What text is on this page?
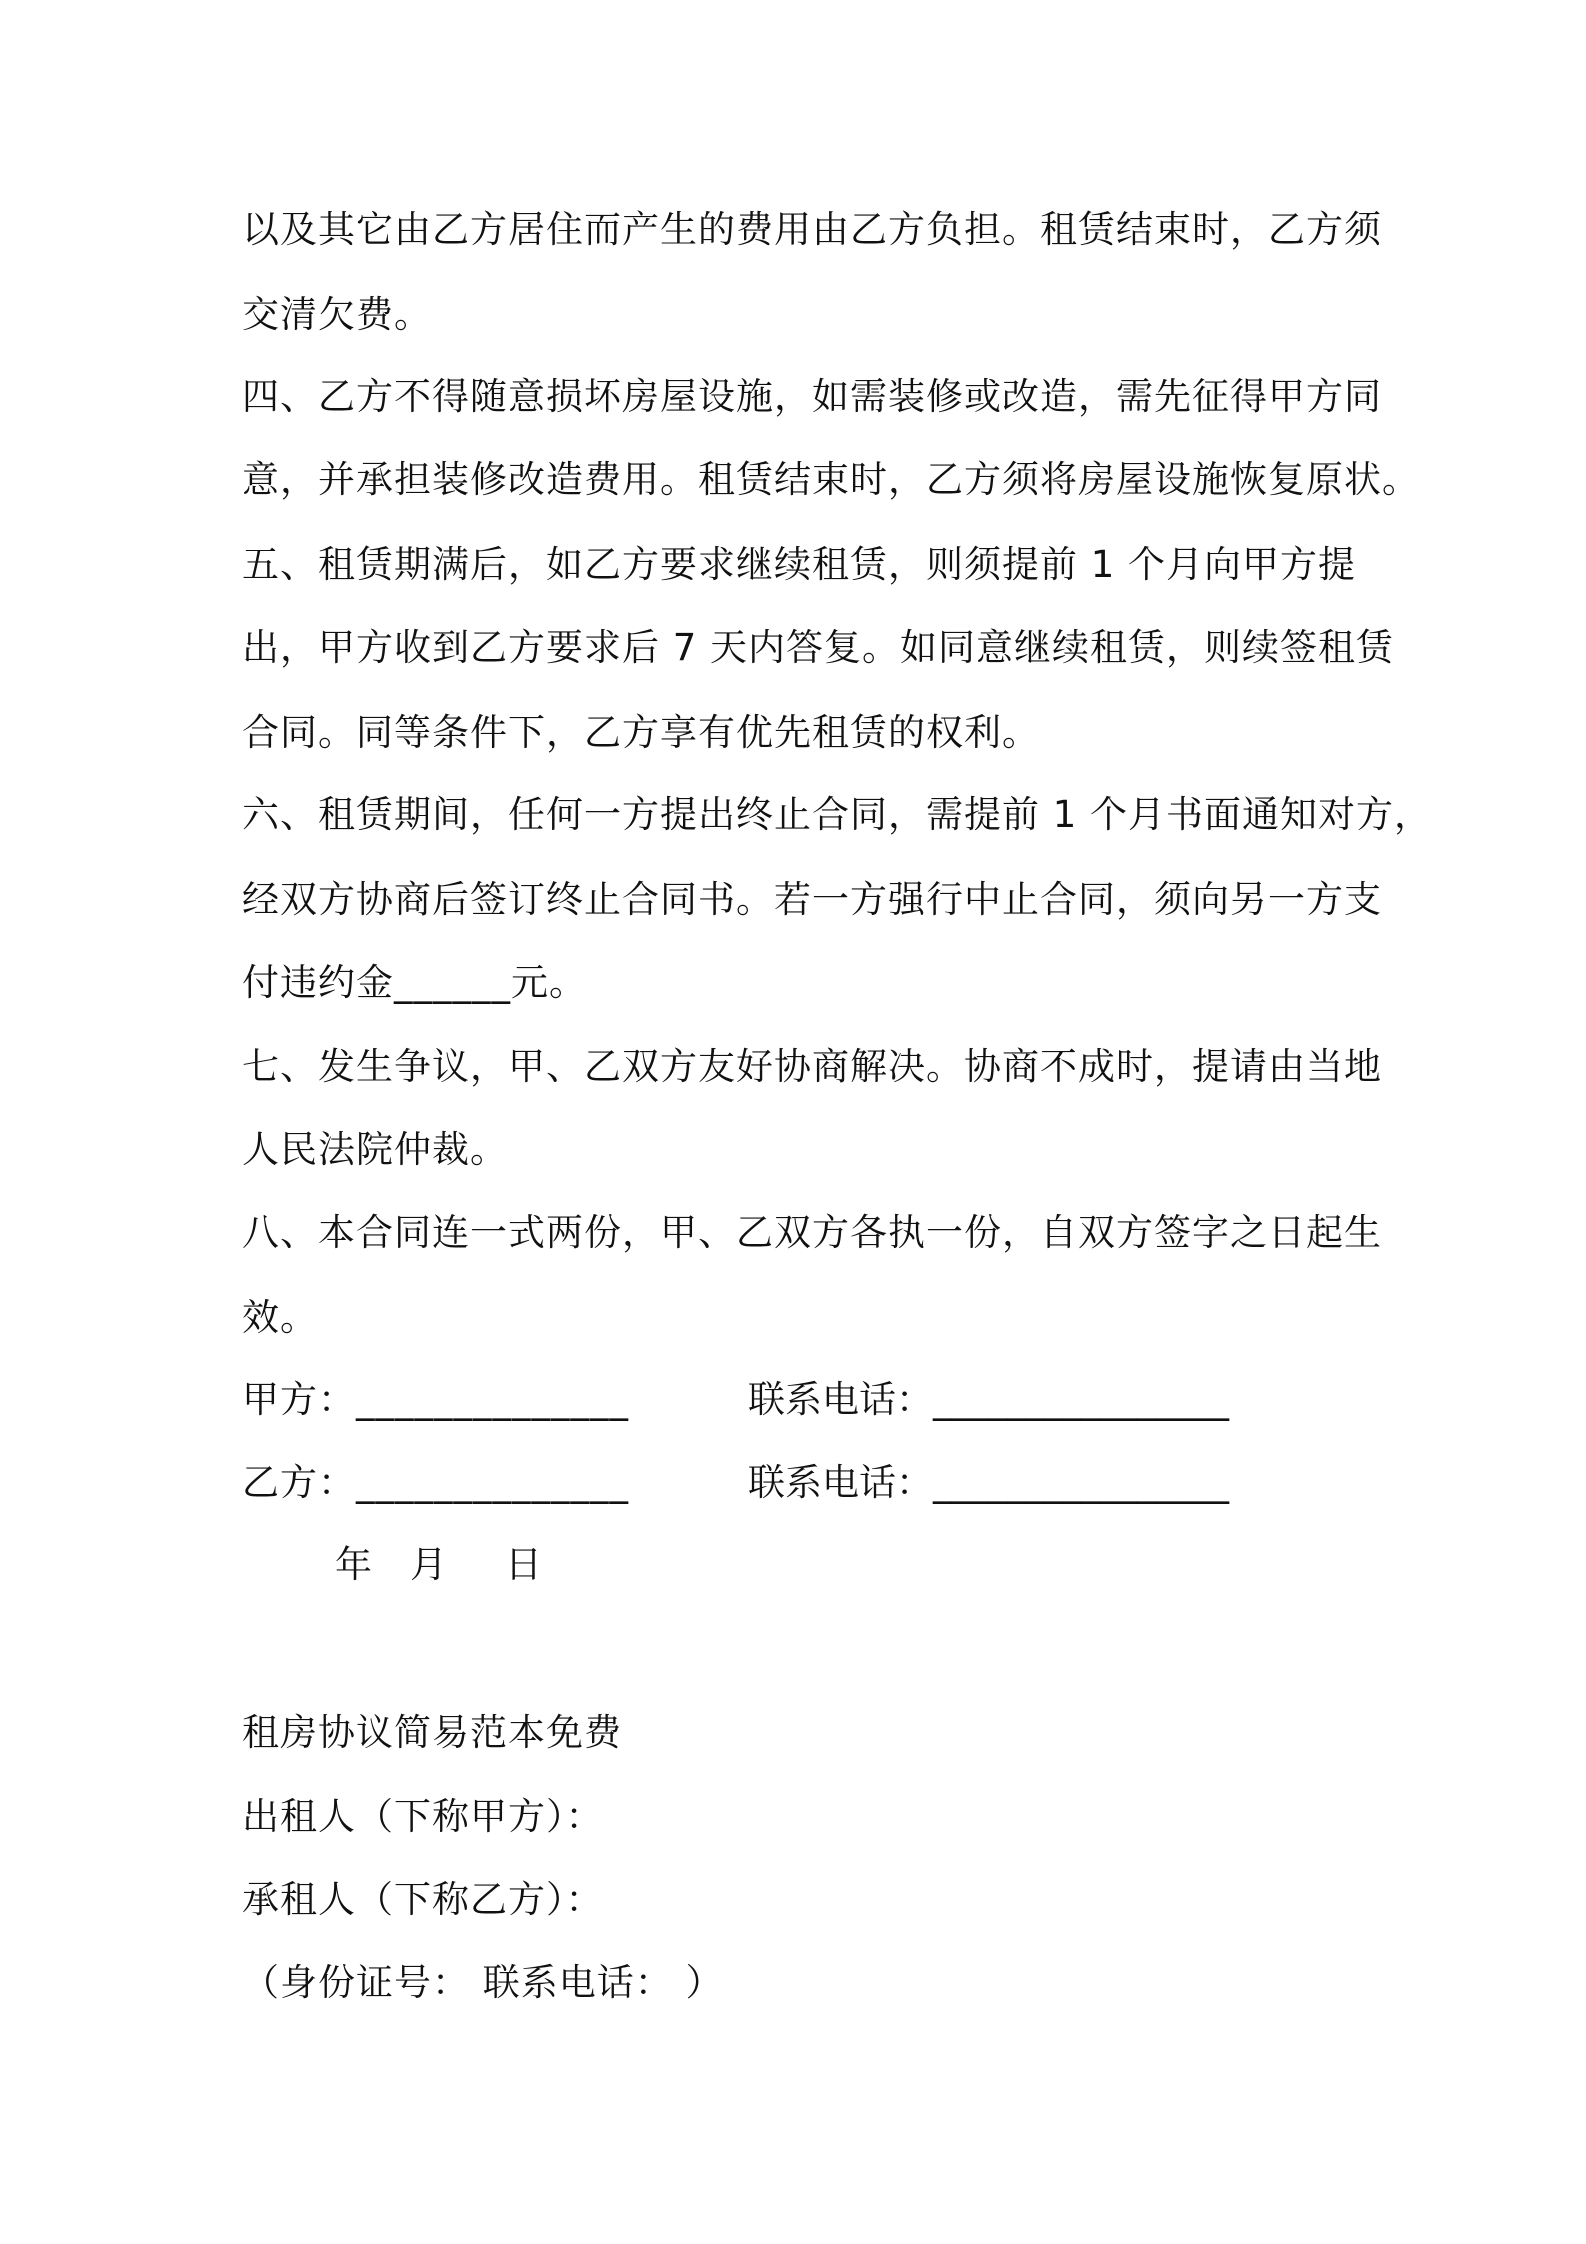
以及其它由乙方居住而产生的费用由乙方负担。租赁结束时，乙方须
交清欠费。
四、乙方不得随意损坏房屋设施，如需装修或改造，需先征得甲方同
意，并承担装修改造费用。租赁结束时，乙方须将房屋设施恢复原状。
五、租赁期满后，如乙方要求继续租赁，则须提前 1 个月向甲方提
出，甲方收到乙方要求后 7 天内答复。如同意继续租赁，则续签租赁
合同。同等条件下，乙方享有优先租赁的权利。
六、租赁期间，任何一方提出终止合同，需提前 1 个月书面通知对方，
经双方协商后签订终止合同书。若一方强行中止合同，须向另一方支
付违约金______元。
七、发生争议，甲、乙双方友好协商解决。协商不成时，提请由当地
人民法院仲裁。
八、本合同连一式两份，甲、乙双方各执一份，自双方签字之日起生
效。
甲方：______________	联系电话：________________
乙方：______________	联系电话：________________
年 月 日
租房协议简易范本免费
出租人（下称甲方）：
承租人（下称乙方）：
（身份证号： 联系电话： ）
